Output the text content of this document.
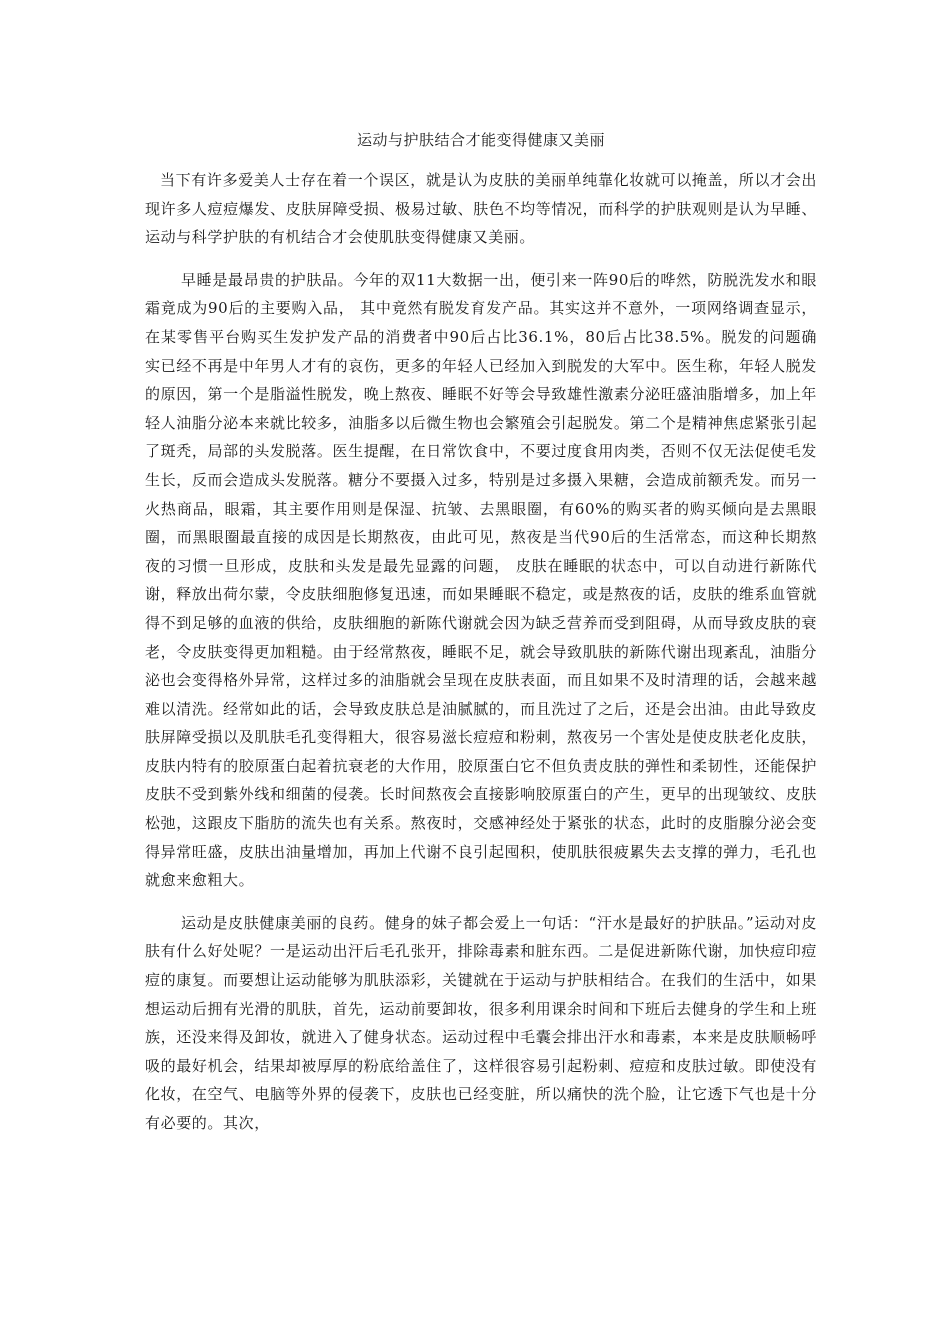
运动与护肤结合才能变得健康又美丽

当下有许多爱美人士存在着一个误区，就是认为皮肤的美丽单纯靠化妆就可以掩盖，所以才会出现许多人痘痘爆发、皮肤屏障受损、极易过敏、肤色不均等情况，而科学的护肤观则是认为早睡、运动与科学护肤的有机结合才会使肌肤变得健康又美丽。

早睡是最昂贵的护肤品。今年的双11大数据一出，便引来一阵90后的哗然，防脱洗发水和眼霜竟成为90后的主要购入品， 其中竟然有脱发育发产品。其实这并不意外，一项网络调查显示，在某零售平台购买生发护发产品的消费者中90后占比36.1%，80后占比38.5%。脱发的问题确实已经不再是中年男人才有的哀伤，更多的年轻人已经加入到脱发的大军中。医生称，年轻人脱发的原因，第一个是脂溢性脱发，晚上熬夜、睡眠不好等会导致雄性激素分泌旺盛油脂增多，加上年轻人油脂分泌本来就比较多，油脂多以后微生物也会繁殖会引起脱发。第二个是精神焦虑紧张引起了斑秃，局部的头发脱落。医生提醒，在日常饮食中，不要过度食用肉类，否则不仅无法促使毛发生长，反而会造成头发脱落。糖分不要摄入过多，特别是过多摄入果糖，会造成前额秃发。而另一火热商品，眼霜，其主要作用则是保湿、抗皱、去黑眼圈，有60%的购买者的购买倾向是去黑眼圈，而黑眼圈最直接的成因是长期熬夜，由此可见，熬夜是当代90后的生活常态，而这种长期熬夜的习惯一旦形成，皮肤和头发是最先显露的问题， 皮肤在睡眠的状态中，可以自动进行新陈代谢，释放出荷尔蒙，令皮肤细胞修复迅速，而如果睡眠不稳定，或是熬夜的话，皮肤的维系血管就得不到足够的血液的供给，皮肤细胞的新陈代谢就会因为缺乏营养而受到阻碍，从而导致皮肤的衰老，令皮肤变得更加粗糙。由于经常熬夜，睡眠不足，就会导致肌肤的新陈代谢出现紊乱，油脂分泌也会变得格外异常，这样过多的油脂就会呈现在皮肤表面，而且如果不及时清理的话，会越来越难以清洗。经常如此的话，会导致皮肤总是油腻腻的，而且洗过了之后，还是会出油。由此导致皮肤屏障受损以及肌肤毛孔变得粗大，很容易滋长痘痘和粉刺，熬夜另一个害处是使皮肤老化皮肤，皮肤内特有的胶原蛋白起着抗衰老的大作用，胶原蛋白它不但负责皮肤的弹性和柔韧性，还能保护皮肤不受到紫外线和细菌的侵袭。长时间熬夜会直接影响胶原蛋白的产生，更早的出现皱纹、皮肤松弛，这跟皮下脂肪的流失也有关系。熬夜时，交感神经处于紧张的状态，此时的皮脂腺分泌会变得异常旺盛，皮肤出油量增加，再加上代谢不良引起囤积，使肌肤很疲累失去支撑的弹力，毛孔也就愈来愈粗大。

运动是皮肤健康美丽的良药。健身的妹子都会爱上一句话：“汗水是最好的护肤品。”运动对皮肤有什么好处呢？一是运动出汗后毛孔张开，排除毒素和脏东西。二是促进新陈代谢，加快痘印痘痘的康复。而要想让运动能够为肌肤添彩，关键就在于运动与护肤相结合。在我们的生活中，如果想运动后拥有光滑的肌肤，首先，运动前要卸妆，很多利用课余时间和下班后去健身的学生和上班族，还没来得及卸妆，就进入了健身状态。运动过程中毛囊会排出汗水和毒素，本来是皮肤顺畅呼吸的最好机会，结果却被厚厚的粉底给盖住了，这样很容易引起粉刺、痘痘和皮肤过敏。即使没有化妆，在空气、电脑等外界的侵袭下，皮肤也已经变脏，所以痛快的洗个脸，让它透下气也是十分有必要的。其次，
